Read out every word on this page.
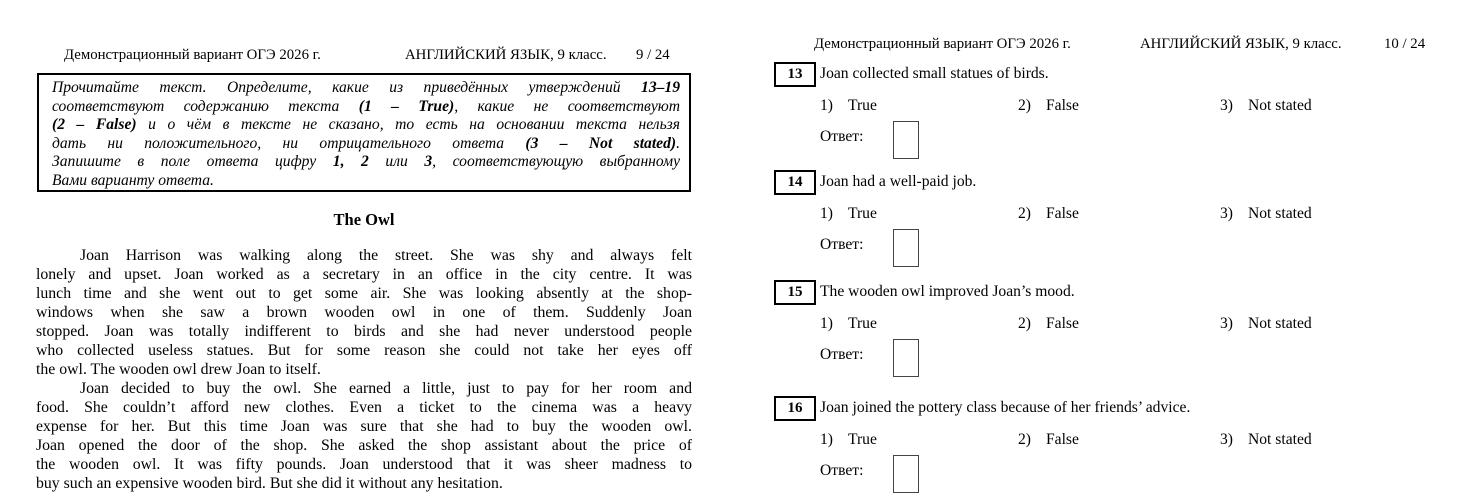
Демонстрационный вариант ОГЭ 2026 г.	АНГЛИЙСКИЙ ЯЗЫК, 9 класс. 9 / 24
Прочитайте текст. Определите, какие из приведённых утверждений 13–19
соответствуют содержанию текста (1 – True), какие не соответствуют
(2 – False) и о чём в тексте не сказано, то есть на основании текста нельзя
дать ни положительного, ни отрицательного ответа (3 – Not stated).
Запишите в поле ответа цифру 1, 2 или 3, соответствующую выбранному
Вами варианту ответа.
The Owl
Joan Harrison was walking along the street. She was shy and always felt
lonely and upset. Joan worked as a secretary in an office in the city centre. It was
lunch time and she went out to get some air. She was looking absently at the shop-
windows when she saw a brown wooden owl in one of them. Suddenly Joan
stopped. Joan was totally indifferent to birds and she had never understood people
who collected useless statues. But for some reason she could not take her eyes off
the owl. The wooden owl drew Joan to itself.
Joan decided to buy the owl. She earned a little, just to pay for her room and
food. She couldn’t afford new clothes. Even a ticket to the cinema was a heavy
expense for her. But this time Joan was sure that she had to buy the wooden owl.
Joan opened the door of the shop. She asked the shop assistant about the price of
the wooden owl. It was fifty pounds. Joan understood that it was sheer madness to
buy such an expensive wooden bird. But she did it without any hesitation.
Демонстрационный вариант ОГЭ 2026 г.	АНГЛИЙСКИЙ ЯЗЫК, 9 класс.	10 / 24
13	Joan collected small statues of birds.
1) True	2) False	3) Not stated
Ответ:
14	Joan had a well-paid job.
1) True	2) False	3) Not stated
Ответ:
15	The wooden owl improved Joan’s mood.
1) True	2) False	3) Not stated
Ответ:
16	Joan joined the pottery class because of her friends’ advice.
1) True	2) False	3) Not stated
Ответ:
